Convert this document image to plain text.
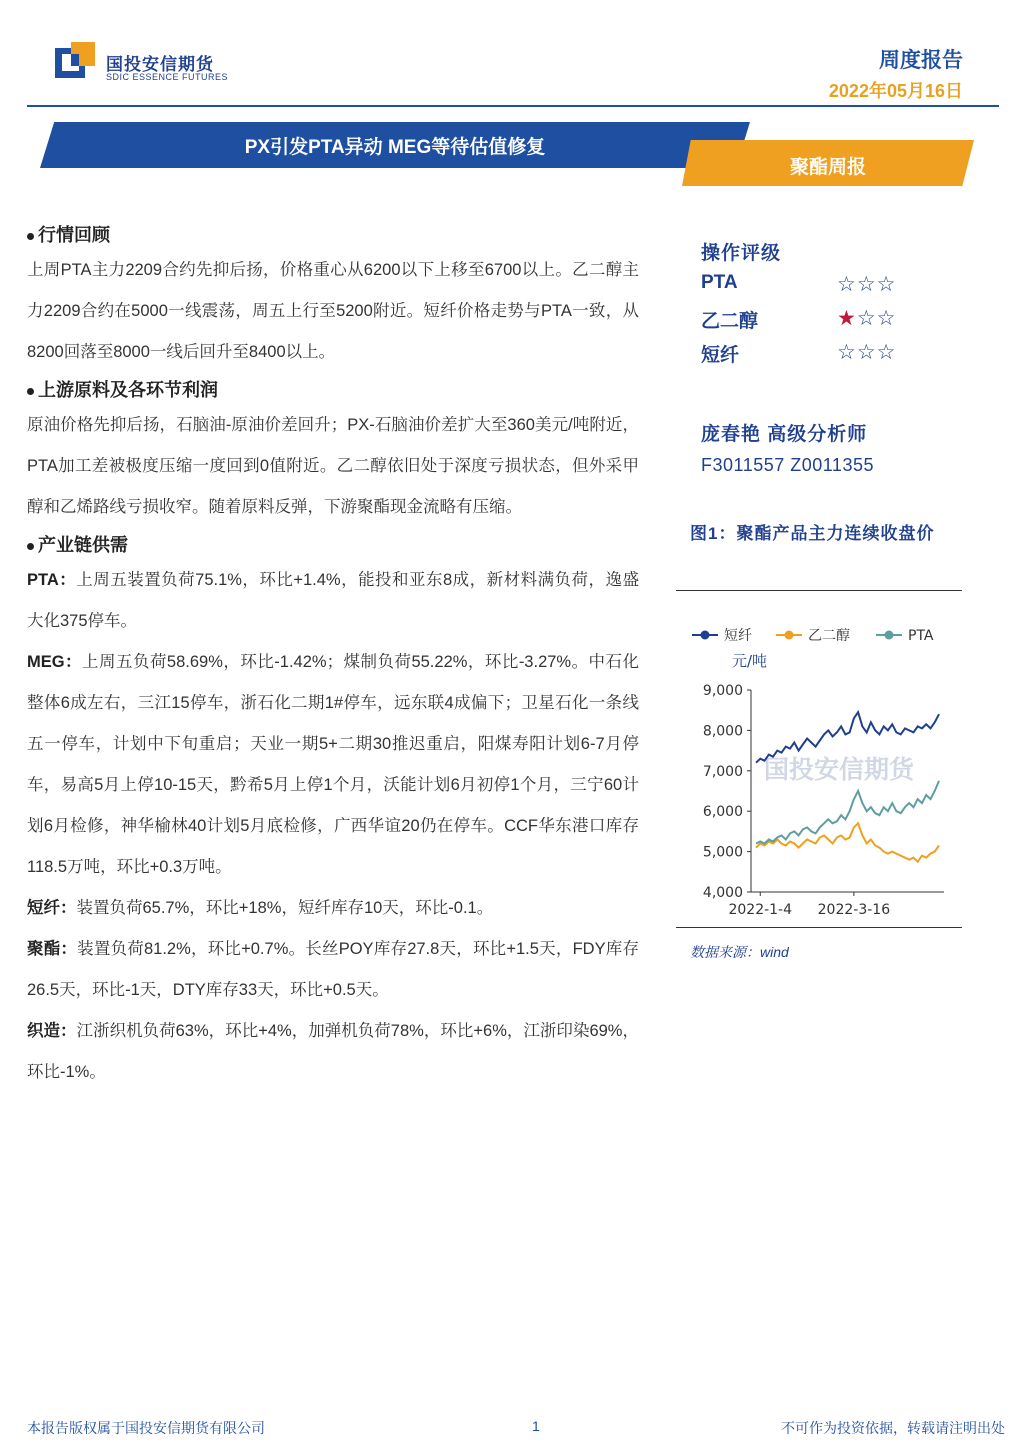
国投安信期货
SDIC ESSENCE FUTURES
周度报告
2022年05月16日
PX引发PTA异动 MEG等待估值修复
聚酯周报
行情回顾
上周PTA主力2209合约先抑后扬，价格重心从6200以下上移至6700以上。乙二醇主力2209合约在5000一线震荡，周五上行至5200附近。短纤价格走势与PTA一致，从8200回落至8000一线后回升至8400以上。
上游原料及各环节利润
原油价格先抑后扬，石脑油-原油价差回升；PX-石脑油价差扩大至360美元/吨附近，PTA加工差被极度压缩一度回到0值附近。乙二醇依旧处于深度亏损状态，但外采甲醇和乙烯路线亏损收窄。随着原料反弹，下游聚酯现金流略有压缩。
产业链供需
PTA：上周五装置负荷75.1%，环比+1.4%，能投和亚东8成，新材料满负荷，逸盛大化375停车。
MEG：上周五负荷58.69%，环比-1.42%；煤制负荷55.22%，环比-3.27%。中石化整体6成左右，三江15停车，浙石化二期1#停车，远东联4成偏下；卫星石化一条线五一停车，计划中下旬重启；天业一期5+二期30推迟重启，阳煤寿阳计划6-7月停车，易高5月上停10-15天，黔希5月上停1个月，沃能计划6月初停1个月，三宁60计划6月检修，神华榆林40计划5月底检修，广西华谊20仍在停车。CCF华东港口库存118.5万吨，环比+0.3万吨。
短纤：装置负荷65.7%，环比+18%，短纤库存10天，环比-0.1。
聚酯：装置负荷81.2%，环比+0.7%。长丝POY库存27.8天，环比+1.5天，FDY库存26.5天，环比-1天，DTY库存33天，环比+0.5天。
织造：江浙织机负荷63%，环比+4%，加弹机负荷78%，环比+6%，江浙印染69%，环比-1%。
操作评级
PTA	☆☆☆
乙二醇	★☆☆
短纤	☆☆☆
庞春艳 高级分析师
F3011557 Z0011355
图1：聚酯产品主力连续收盘价
短纤	乙二醇	PTA
元/吨
国投安信期货
9,000
8,000
7,000
6,000
5,000
4,000
2022-1-4 2022-3-16
数据来源：wind
本报告版权属于国投安信期货有限公司	1	不可作为投资依据，转载请注明出处
